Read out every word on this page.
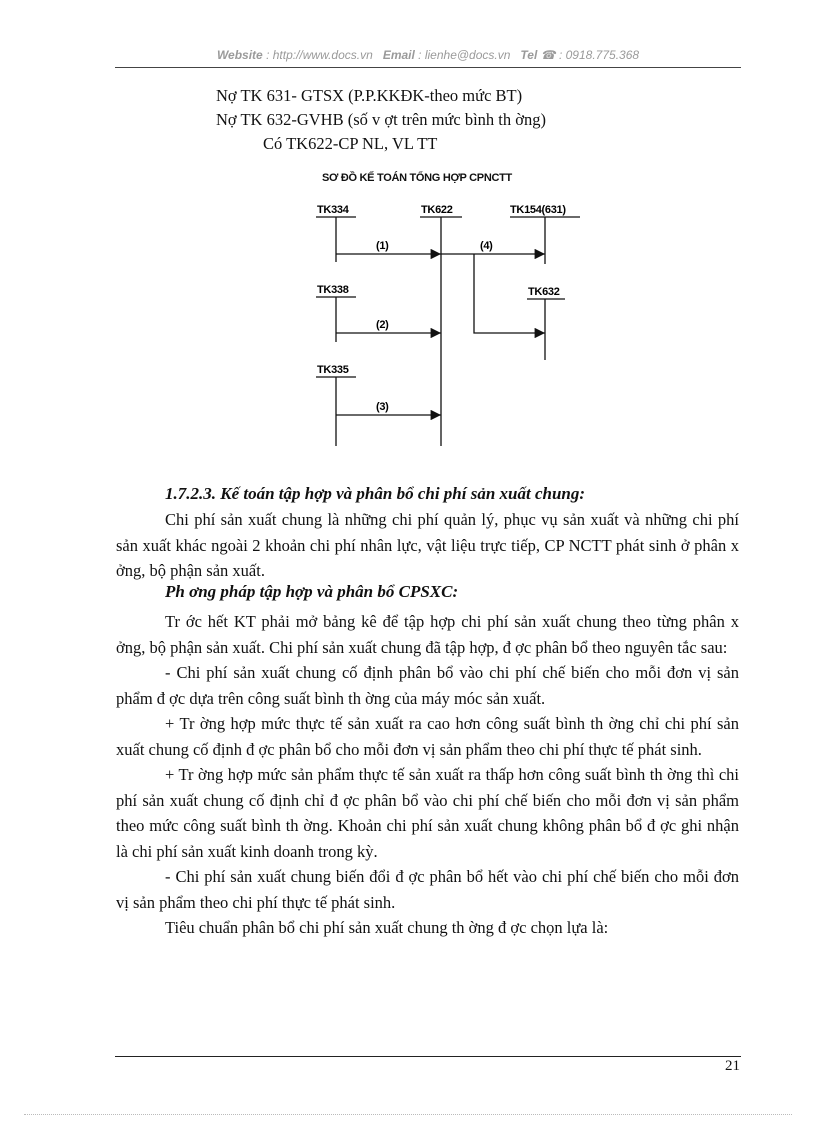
Website : http://www.docs.vn Email : lienhe@docs.vn Tel ☎ : 0918.775.368
Nợ TK 631- GTSX (P.P.KKĐK-theo mức BT)
Nợ TK 632-GVHB (số v ợt trên mức bình th ờng)
Có TK622-CP NL, VL TT
SƠ ĐỒ KẾ TOÁN TỔNG HỢP CPNCTT
TK334	TK622	TK154(631)
TK338	TK632
TK335
(1)
(2)
(3)
(4)
1.7.2.3. Kế toán tập hợp và phân bổ chi phí sản xuất chung:

Chi phí sản xuất chung là những chi phí quản lý, phục vụ sản xuất và những chi phí sản xuất khác ngoài 2 khoản chi phí nhân lực, vật liệu trực tiếp, CP NCTT phát sinh ở phân x ởng, bộ phận sản xuất.

Ph ơng pháp tập hợp và phân bổ CPSXC:

Tr ớc hết KT phải mở bảng kê để tập hợp chi phí sản xuất chung theo từng phân x ởng, bộ phận sản xuất. Chi phí sản xuất chung đã tập hợp, đ ợc phân bổ theo nguyên tắc sau:

- Chi phí sản xuất chung cố định phân bổ vào chi phí chế biến cho mỗi đơn vị sản phẩm đ ợc dựa trên công suất bình th ờng của máy móc sản xuất.

+ Tr ờng hợp mức thực tế sản xuất ra cao hơn công suất bình th ờng chỉ chi phí sản xuất chung cố định đ ợc phân bổ cho mỗi đơn vị sản phẩm theo chi phí thực tế phát sinh.

+ Tr ờng hợp mức sản phẩm thực tế sản xuất ra thấp hơn công suất bình th ờng thì chi phí sản xuất chung cố định chỉ đ ợc phân bổ vào chi phí chế biến cho mỗi đơn vị sản phẩm theo mức công suất bình th ờng. Khoản chi phí sản xuất chung không phân bổ đ ợc ghi nhận là chi phí sản xuất kinh doanh trong kỳ.

- Chi phí sản xuất chung biến đổi đ ợc phân bổ hết vào chi phí chế biến cho mỗi đơn vị sản phẩm theo chi phí thực tế phát sinh.

Tiêu chuẩn phân bổ chi phí sản xuất chung th ờng đ ợc chọn lựa là:

21
